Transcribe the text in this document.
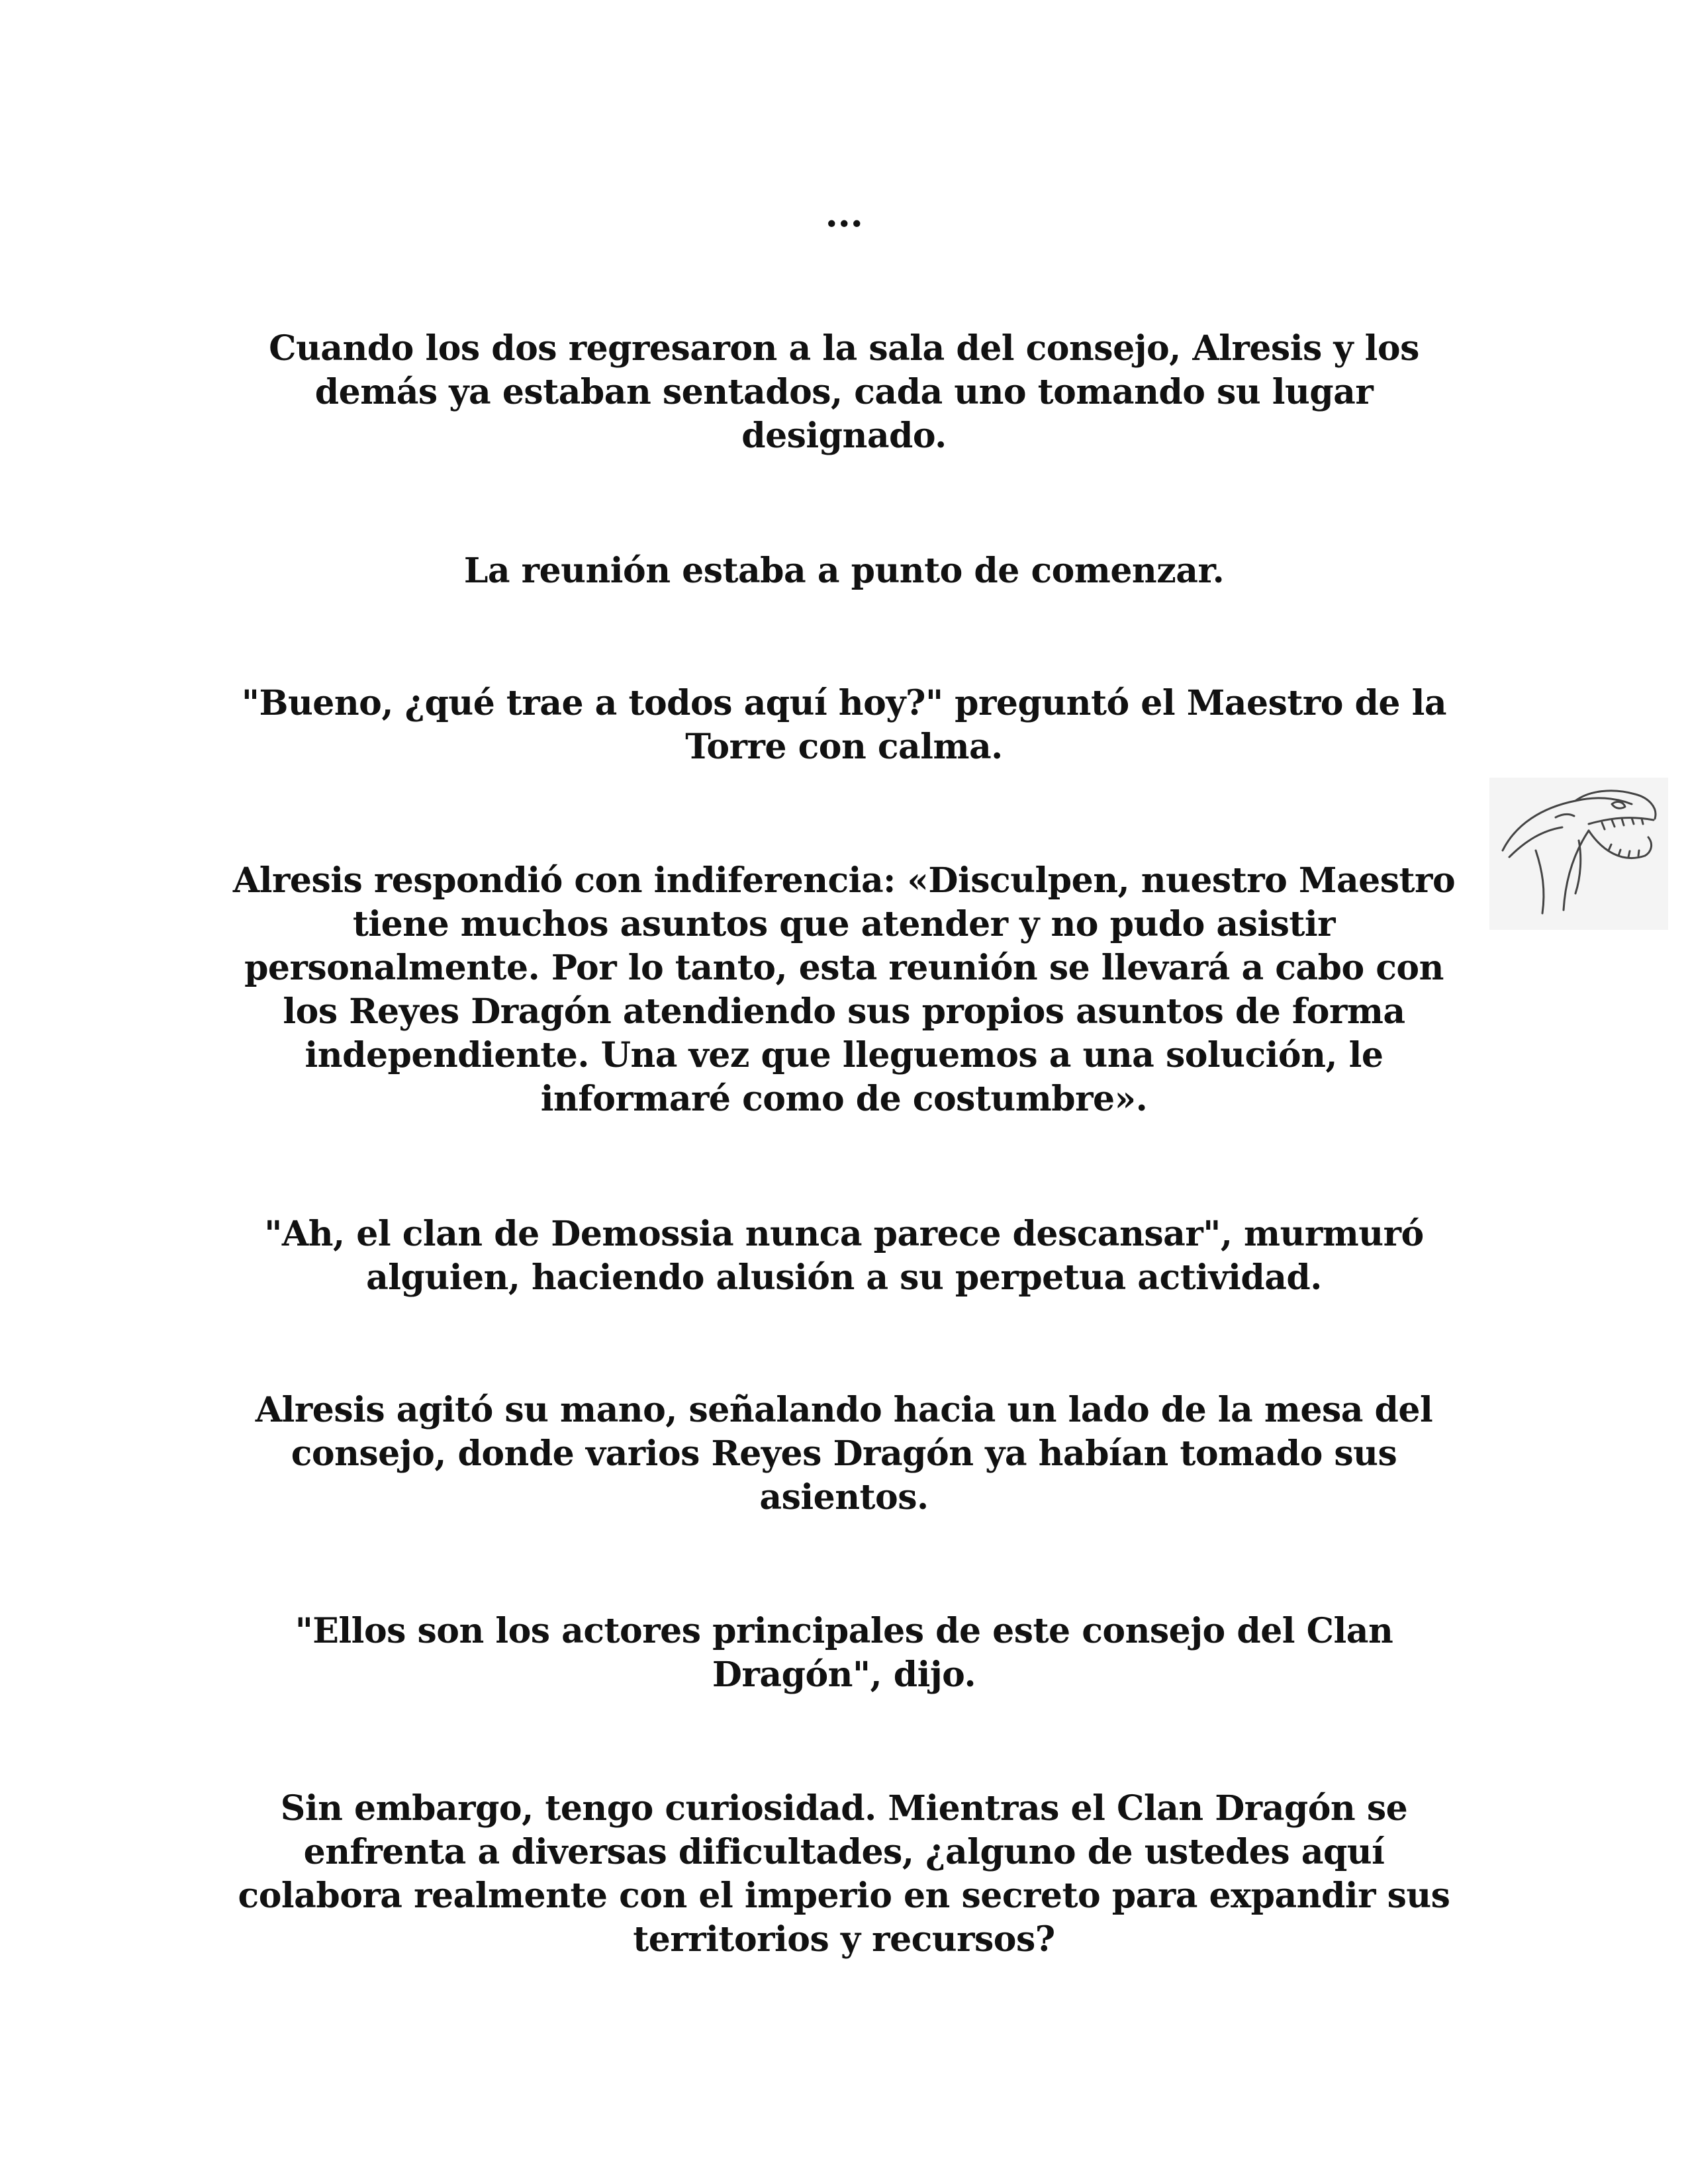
...

Cuando los dos regresaron a la sala del consejo, Alresis y los demás ya estaban sentados, cada uno tomando su lugar designado.

La reunión estaba a punto de comenzar.

"Bueno, ¿qué trae a todos aquí hoy?" preguntó el Maestro de la Torre con calma.

Alresis respondió con indiferencia: «Disculpen, nuestro Maestro tiene muchos asuntos que atender y no pudo asistir personalmente. Por lo tanto, esta reunión se llevará a cabo con los Reyes Dragón atendiendo sus propios asuntos de forma independiente. Una vez que lleguemos a una solución, le informaré como de costumbre».

"Ah, el clan de Demossia nunca parece descansar", murmuró alguien, haciendo alusión a su perpetua actividad.

Alresis agitó su mano, señalando hacia un lado de la mesa del consejo, donde varios Reyes Dragón ya habían tomado sus asientos.

"Ellos son los actores principales de este consejo del Clan Dragón", dijo.

Sin embargo, tengo curiosidad. Mientras el Clan Dragón se enfrenta a diversas dificultades, ¿alguno de ustedes aquí colabora realmente con el imperio en secreto para expandir sus territorios y recursos?
